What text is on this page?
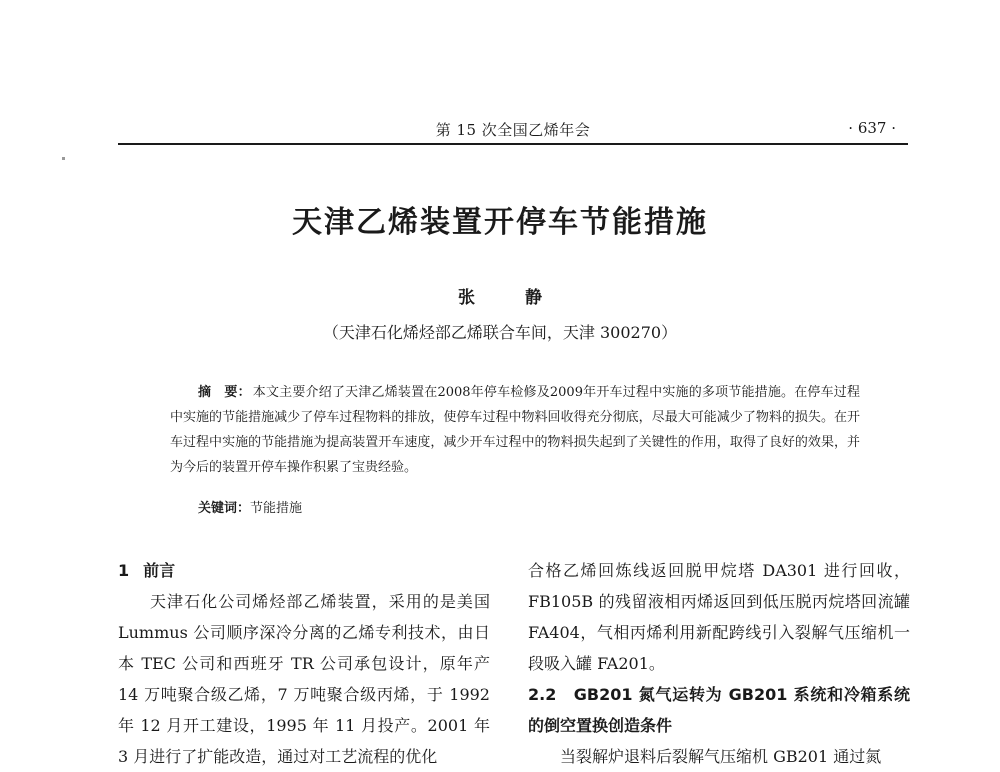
第 15 次全国乙烯年会	· 637 ·
天津乙烯装置开停车节能措施
张 静
（天津石化烯烃部乙烯联合车间，天津 300270）
摘　要： 本文主要介绍了天津乙烯装置在2008年停车检修及2009年开车过程中实施的多项节能措施。在停车过程中实施的节能措施减少了停车过程物料的排放，使停车过程中物料回收得充分彻底，尽最大可能减少了物料的损失。在开车过程中实施的节能措施为提高装置开车速度，减少开车过程中的物料损失起到了关键性的作用，取得了良好的效果，并为今后的装置开停车操作积累了宝贵经验。
关键词：节能措施
1 前言
天津石化公司烯烃部乙烯装置，采用的是美国 Lummus 公司顺序深冷分离的乙烯专利技术，由日本 TEC 公司和西班牙 TR 公司承包设计，原年产 14 万吨聚合级乙烯，7 万吨聚合级丙烯，于 1992 年 12 月开工建设，1995 年 11 月投产。2001 年 3 月进行了扩能改造，通过对工艺流程的优化
合格乙烯回炼线返回脱甲烷塔 DA301 进行回收，FB105B 的残留液相丙烯返回到低压脱丙烷塔回流罐 FA404，气相丙烯利用新配跨线引入裂解气压缩机一段吸入罐 FA201。
2.2　GB201 氮气运转为 GB201 系统和冷箱系统的倒空置换创造条件
当裂解炉退料后裂解气压缩机 GB201 通过氮
